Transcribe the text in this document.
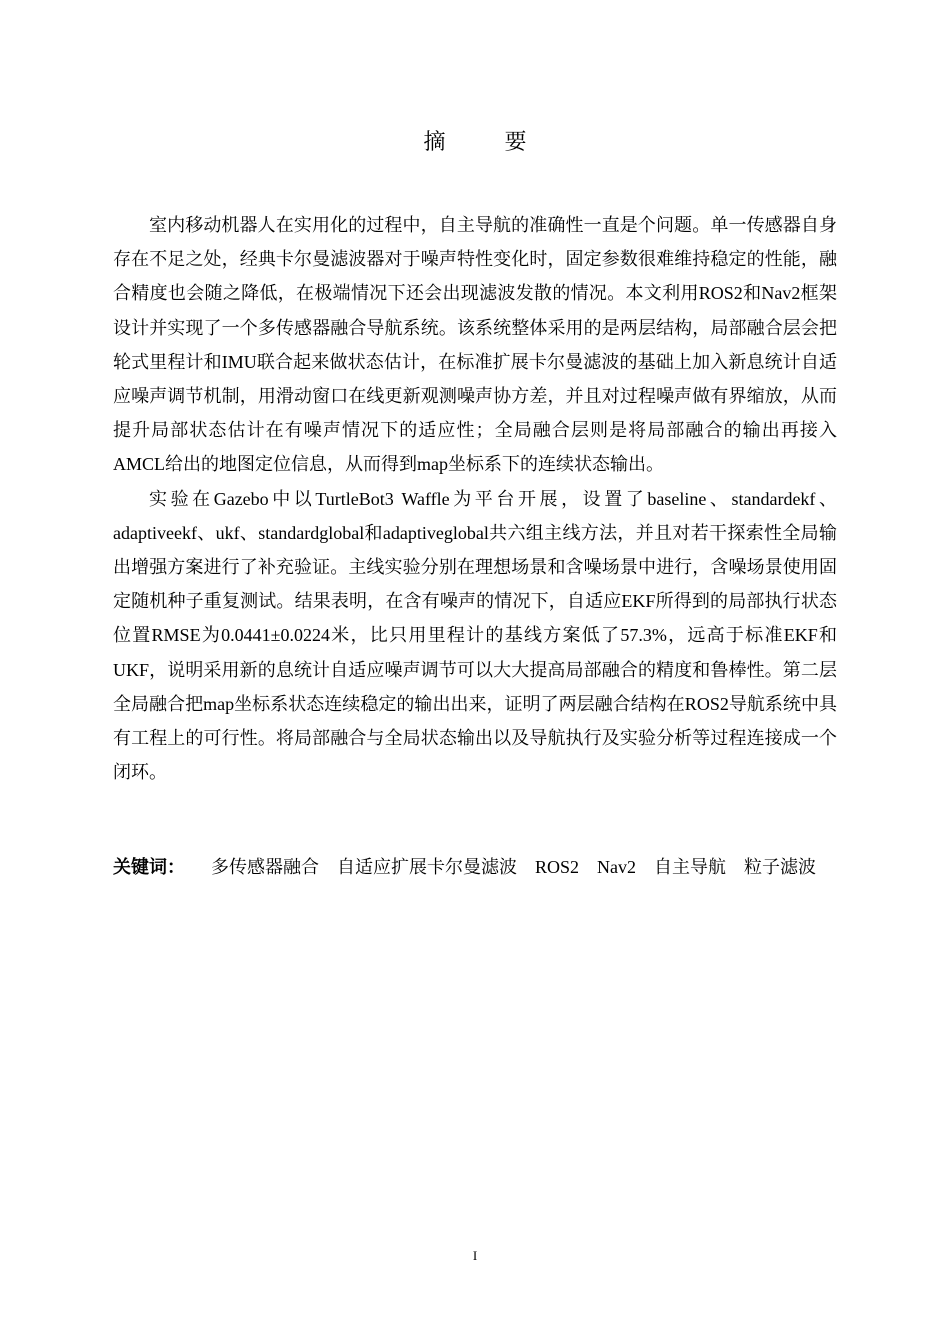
摘 要

室内移动机器人在实用化的过程中，自主导航的准确性一直是个问题。单一传感器自身存在不足之处，经典卡尔曼滤波器对于噪声特性变化时，固定参数很难维持稳定的性能，融合精度也会随之降低，在极端情况下还会出现滤波发散的情况。本文利用ROS2和Nav2框架设计并实现了一个多传感器融合导航系统。该系统整体采用的是两层结构，局部融合层会把轮式里程计和IMU联合起来做状态估计，在标准扩展卡尔曼滤波的基础上加入新息统计自适应噪声调节机制，用滑动窗口在线更新观测噪声协方差，并且对过程噪声做有界缩放，从而提升局部状态估计在有噪声情况下的适应性；全局融合层则是将局部融合的输出再接入AMCL给出的地图定位信息，从而得到map坐标系下的连续状态输出。

实验在Gazebo中以TurtleBot3 Waffle为平台开展，设置了baseline、standardekf、adaptiveekf、ukf、standardglobal和adaptiveglobal共六组主线方法，并且对若干探索性全局输出增强方案进行了补充验证。主线实验分别在理想场景和含噪场景中进行，含噪场景使用固定随机种子重复测试。结果表明，在含有噪声的情况下，自适应EKF所得到的局部执行状态位置RMSE为0.0441±0.0224米，比只用里程计的基线方案低了57.3%，远高于标准EKF和UKF，说明采用新的息统计自适应噪声调节可以大大提高局部融合的精度和鲁棒性。第二层全局融合把map坐标系状态连续稳定的输出出来，证明了两层融合结构在ROS2导航系统中具有工程上的可行性。将局部融合与全局状态输出以及导航执行及实验分析等过程连接成一个闭环。

关键词： 多传感器融合 自适应扩展卡尔曼滤波 ROS2 Nav2 自主导航 粒子滤波
I
